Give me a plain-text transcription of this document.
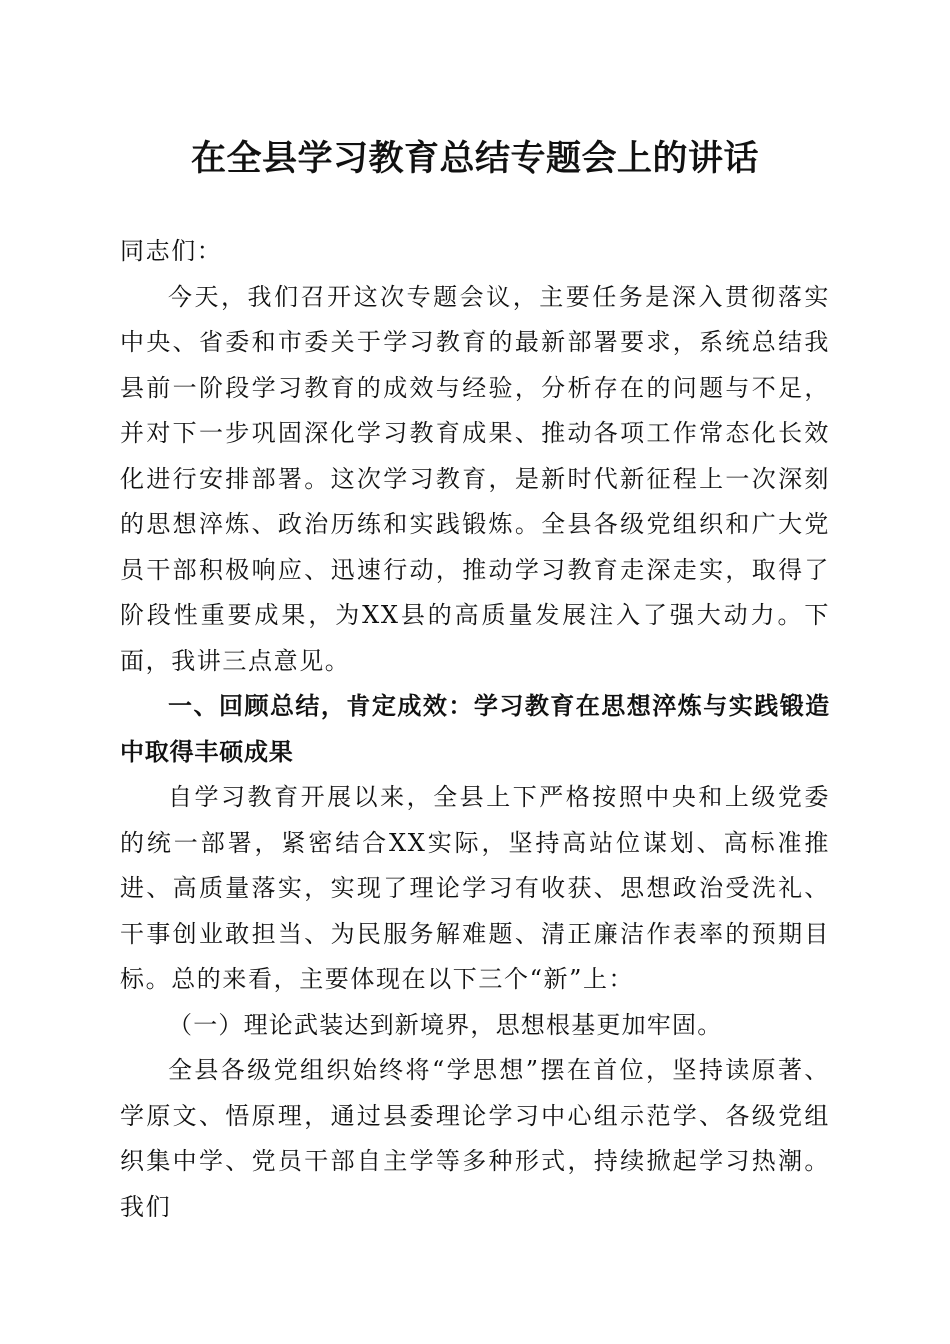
在全县学习教育总结专题会上的讲话

同志们：

今天，我们召开这次专题会议，主要任务是深入贯彻落实中央、省委和市委关于学习教育的最新部署要求，系统总结我县前一阶段学习教育的成效与经验，分析存在的问题与不足，并对下一步巩固深化学习教育成果、推动各项工作常态化长效化进行安排部署。这次学习教育，是新时代新征程上一次深刻的思想淬炼、政治历练和实践锻炼。全县各级党组织和广大党员干部积极响应、迅速行动，推动学习教育走深走实，取得了阶段性重要成果，为XX县的高质量发展注入了强大动力。下面，我讲三点意见。

一、回顾总结，肯定成效：学习教育在思想淬炼与实践锻造中取得丰硕成果

自学习教育开展以来，全县上下严格按照中央和上级党委的统一部署，紧密结合XX实际，坚持高站位谋划、高标准推进、高质量落实，实现了理论学习有收获、思想政治受洗礼、干事创业敢担当、为民服务解难题、清正廉洁作表率的预期目标。总的来看，主要体现在以下三个“新”上：

（一）理论武装达到新境界，思想根基更加牢固。

全县各级党组织始终将“学思想”摆在首位，坚持读原著、学原文、悟原理，通过县委理论学习中心组示范学、各级党组织集中学、党员干部自主学等多种形式，持续掀起学习热潮。我们
